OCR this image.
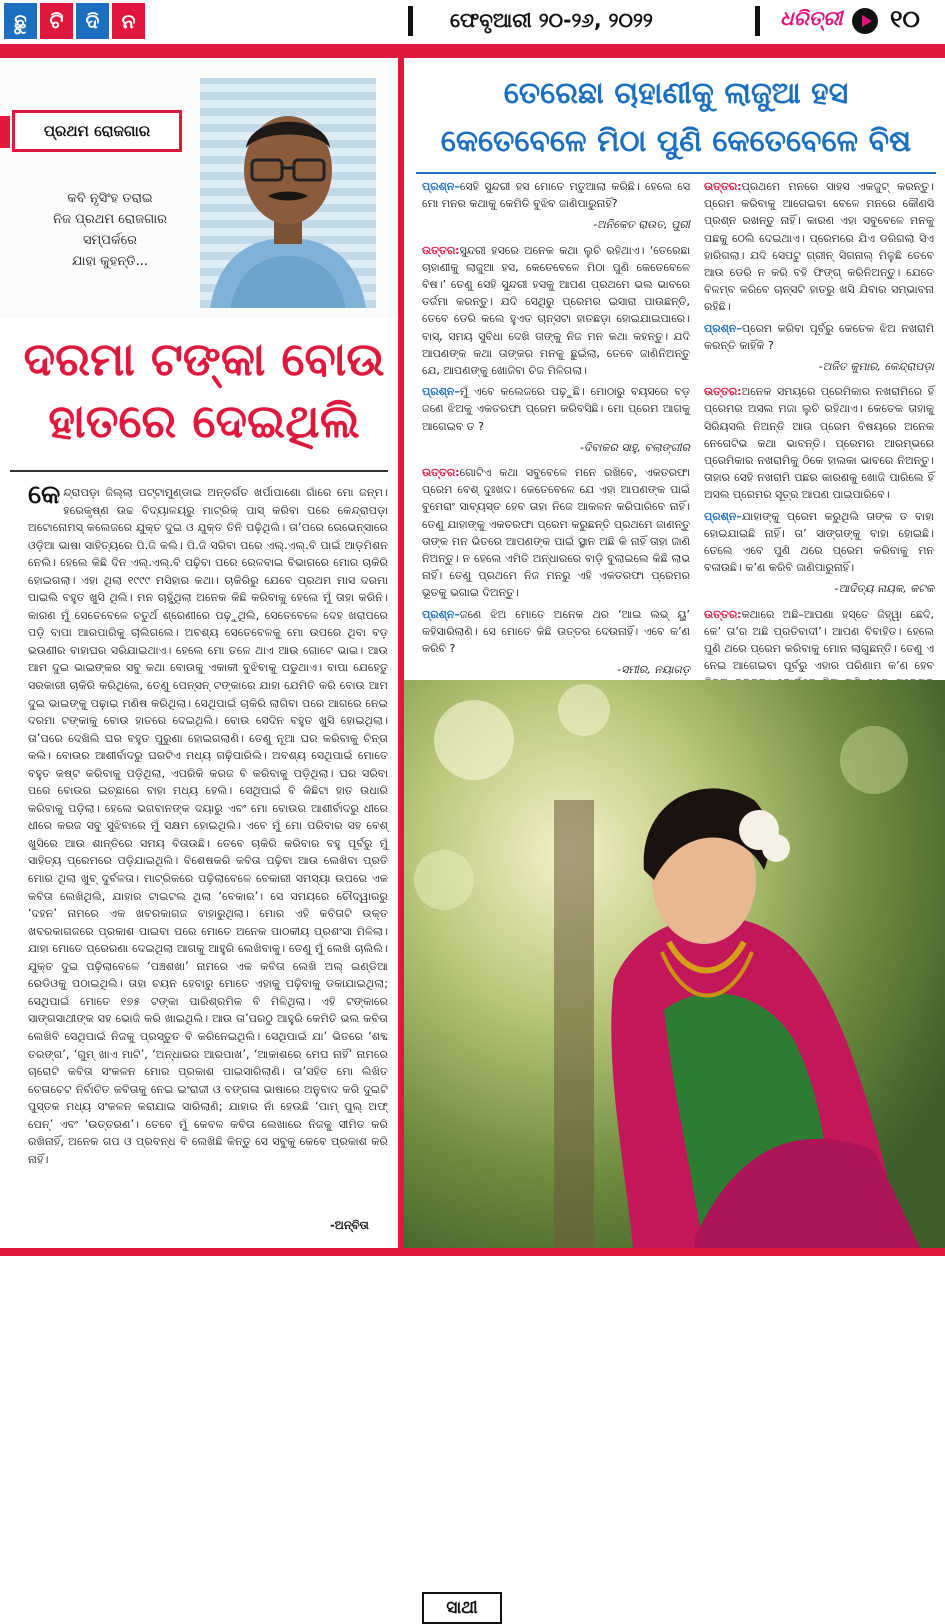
ଛୁ	ଟି	ଦି	ନ	ଫେବୃଆରୀ ୨୦-୨୬, ୨୦୨୨	ଧରିତ୍ରୀ ୧୦
ପ୍ରଥମ ରୋଜଗାର
କବି ନୃସିଂହ ତରାଇ
ନିଜ ପ୍ରଥମ ରୋଜଗାର
ସମ୍ପର୍କରେ
ଯାହା କୁହନ୍ତି...
ଦରମା ଟଙ୍କା ବୋଉ
ହାତରେ ଦେଇଥିଲି
କେନ୍ଦ୍ରାପଡ଼ା ଜିଲ୍ଲା ପଟ୍ଟାମୁଣ୍ଡାଇ ଅନ୍ତର୍ଗତ ଖର୍ପାପାଶୋ ଗାଁରେ ମୋ ଜନ୍ମ। ହରେକୃଷ୍ଣ ଉଚ୍ଚ ବିଦ୍ୟାଳୟରୁ ମାଟ୍ରିକ୍ ପାସ୍ କରିବା ପରେ କେନ୍ଦ୍ରାପଡ଼ା ଅଟୋନୋମସ୍ କଲେଜରେ ଯୁକ୍ତ ଦୁଇ ଓ ଯୁକ୍ତ ତିନି ପଢ଼ିଥିଲି। ତା’ପରେ ରେଭେନ୍ସାରେ ଓଡ଼ିଆ ଭାଷା ସାହିତ୍ୟରେ ପି.ଜି କଲି। ପି.ଜି ସରିବା ପରେ ଏଲ୍.ଏଲ୍.ବି ପାଇଁ ଆଡ଼ମିଶନ ନେଲି। ହେଲେ କିଛି ଦିନ ଏଲ୍.ଏଲ୍.ବି ପଢ଼ିବା ପରେ ରେଳବାଇ ବିଭାଗରେ ମୋର ଚାକିରି ହୋଇଗଲା। ଏହା ଥିଲା ୧୯୯୯ ମସିହାର କଥା। ଚାକିରିରୁ ଯେବେ ପ୍ରଥମ ମାସ ଦରମା ପାଇଲି ବହୁତ ଖୁସି ଥିଲି। ମନ ଚାହୁଁଥିଲା ଅନେକ କିଛି କରିବାକୁ ହେଲେ ମୁଁ ତାହା କରିନି। କାରଣ ମୁଁ ସେତେବେଳେ ଚତୁର୍ଥ ଶ୍ରେଣୀରେ ପଢ଼ୁଥିଲି, ସେତେବେଳେ ଦେହ ଖରାପରେ ପଡ଼ି ବାପା ଆରପାରିକୁ ଚାଲିଗଲେ। ଅବଶ୍ୟ ସେତେବେଳକୁ ମୋ ଉପରେ ଥିବା ବଡ଼ ଭଉଣୀର ବାହାଘର ସରିଯାଇଥାଏ। ହେଲେ ମୋ ତଳେ ଥାଏ ଆଉ ଗୋଟେ ଭାଇ। ଆଉ ଆମ ଦୁଇ ଭାଇଙ୍କର ସବୁ କଥା ବୋଉକୁ ଏକାକୀ ବୁଝିବାକୁ ପଡୁଥାଏ। ବାପା ଯେହେତୁ ସରକାରୀ ଚାକିରି କରିଥିଲେ, ତେଣୁ ପେନ୍‌ସନ୍ ଟଙ୍କାରେ ଯାହା ଯେମିତି କରି ବୋଉ ଆମ ଦୁଇ ଭାଇଙ୍କୁ ପଢ଼ାଇ ମଣିଷ କରିଥିଲା। ସେଥିପାଇଁ ଚାକିରି ଲାଗିବା ପରେ ଆଗରେ ନେଇ ଦରମା ଟଙ୍କାକୁ ବୋଉ ହାତରେ ଦେଇଥିଲି। ବୋଉ ସେଦିନ ବହୁତ ଖୁସି ହୋଇଥିଲା। ତା’ପରେ ଦେଖିଲି ଘର ବହୁତ ପୁରୁଣା ହୋଇଗଲାଣି। ତେଣୁ ନୂଆ ଘର କରିବାକୁ ଚିନ୍ତା କଲି। ବୋଉର ଆଶୀର୍ବାଦରୁ ଘରଟିଏ ମଧ୍ୟ ଗଢ଼ିପାରିଲି। ଅବଶ୍ୟ ସେଥିପାଇଁ ମୋତେ ବହୁତ କଷ୍ଟ କରିବାକୁ ପଡ଼ିଥିଲା, ଏପରିକି କରଜ ବି କରିବାକୁ ପଡ଼ିଥିଲା। ଘର ସରିବା ପରେ ବୋଉର ଇଚ୍ଛାରେ ବାହା ମଧ୍ୟ ହେଲି। ସେଥିପାଇଁ ବି କିଛିଟା ହାତ ଉଧାରି କରିବାକୁ ପଡ଼ିଲା। ହେଲେ ଭଗବାନଙ୍କ ଦୟାରୁ ଏବଂ ମୋ ବୋଉର ଆଶୀର୍ବାଦରୁ ଧୀରେ ଧୀରେ କରଜ ସବୁ ସୁଝିବାରେ ମୁଁ ସକ୍ଷମ ହୋଇଥିଲି। ଏବେ ମୁଁ ମୋ ପରିବାର ସହ ବେଶ୍ ଖୁସିରେ ଆଉ ଶାନ୍ତିରେ ସମୟ ବିତାଉଛି। ତେବେ ଚାକିରି କରିବାର ବହୁ ପୂର୍ବରୁ ମୁଁ ସାହିତ୍ୟ ପ୍ରେମରେ ପଡ଼ିଯାଇଥିଲି। ବିଶେଷକରି କବିତା ପଢ଼ିବା ଆଉ ଲେଖିବା ପ୍ରତି ମୋର ଥିଲା ଖୁବ୍ ଦୁର୍ବଳତା। ମାଟ୍ରିକରେ ପଢ଼ିଲାବେଳେ ବେକାରୀ ସମସ୍ୟା ଉପରେ ଏକ କବିତା ଲେଖିଥିଲି, ଯାହାର ଟାଇଟଲ ଥିଲା ‘ବେକାର’। ସେ ସମୟରେ ଚୌଦ୍ୱାରରୁ ‘ଦହନ’ ନାମରେ ଏକ ଖବରକାଗଜ ବାହାରୁଥିଲା। ମୋର ଏହି କବିତାଟି ଉକ୍ତ ଖବରକାଗଜରେ ପ୍ରକାଶ ପାଇବା ପରେ ମୋତେ ଅନେକ ପାଠକୀୟ ପ୍ରଶଂସା ମିଳିଲା। ଯାହା ମୋତେ ପ୍ରେରଣା ଦେଇଥିଲା ଆଗକୁ ଆହୁରି ଲେଖିବାକୁ। ତେଣୁ ମୁଁ ଲେଖି ଚାଲିଲି। ଯୁକ୍ତ ଦୁଇ ପଢ଼ିଲାବେଳେ ‘ପଞ୍ଚଶଖା’ ନାମରେ ଏକ କବିତା ଲେଖି ଅଲ୍ ଇଣ୍ଡିଆ ରେଡିଓକୁ ପଠାଇଥିଲି। ତାହା ଚୟନ ହେବାରୁ ମୋତେ ଏହାକୁ ପଢ଼ିବାକୁ ଡକାଯାଇଥିଲା; ସେଥିପାଇଁ ମୋତେ ୧୭୫ ଟଙ୍କା ପାରିଶ୍ରମିକ ବି ମିଳିଥିଲା। ଏହି ଟଙ୍କାରେ ସାଙ୍ଗସାଥୀଙ୍କ ସହ ଭୋଜି କରି ଖାଇଥିଲି। ଆଉ ତା’ପରଠୁ ଆହୁରି କେମିତି ଭଲ କବିତା ଲେଖିବି ସେଥିପାଇଁ ନିଜକୁ ପ୍ରସ୍ତୁତ ବି କରିନେଇଥିଲି। ସେଥିପାଇଁ ଯା’ ଭିତରେ ‘ଶବ୍ଦ ତରଙ୍ଗ’, ‘ଗୁମ୍ ଖାଏ ମାଟି’, ‘ଅନ୍ଧାରର ଆରପାଖ’, ‘ଆକାଶରେ ମେଘ ନାହିଁ’ ନାମରେ ଚାରୋଟି କବିତା ସଂକଳନ ମୋର ପ୍ରକାଶ ପାଇସାରିଲାଣି। ତା’ସହିତ ମୋ ଲିଖିତ ଚେତାଚେଟ ନିର୍ବାଚିତ କବିତାକୁ ନେଇ ଇଂରାଜୀ ଓ ବଙ୍ଗଳା ଭାଷାରେ ଅନୁବାଦ କରି ଦୁଇଟି ପୁସ୍ତକ ମଧ୍ୟ ସଂକଳନ କରାଯାଇ ସାରିଲାଣି; ଯାହାର ନାଁ ହେଉଛି ‘ପାମ୍ ପୁଲ୍ ଅଫ୍ ପେନ୍’ ଏବଂ ‘ଉତ୍ତରଣ’। ତେବେ ମୁଁ କେବଳ କବିତା ଲେଖାରେ ନିଜକୁ ସୀମିତ କରି ରଖିନାହିଁ, ଅନେକ ଗପ ଓ ପ୍ରବନ୍ଧ ବି ଲେଖିଛି କିନ୍ତୁ ସେ ସବୁକୁ କେବେ ପ୍ରକାଶ କରି ନାହିଁ।
-ଅନ୍ବିତା
ତେରେଛା ଚାହାଣୀକୁ ଲାଜୁଆ ହସ
କେତେବେଳେ ମିଠା ପୁଣି କେତେବେଳେ ବିଷ
ପ୍ରଶ୍ନ–ସେହି ସୁନ୍ଦରୀ ହସ ମୋତେ ମତୁଆଲା କରିଛି। ହେଲେ ସେ ମୋ ମନର କଥାକୁ କେମିତି ବୁଝିବ ଜାଣିପାରୁନାହିଁ?
-ଅନିକେତ ରାଉତ, ପୁରୀ
ଉତ୍ତର:ସୁନ୍ଦରୀ ହସରେ ଅନେକ କଥା ଲୁଚି ରହିଥାଏ। ‘ତେରେଛା ଚାହାଣୀକୁ ଲାଜୁଆ ହସ, କେତେବେଳେ ମିଠା ପୁଣି କେତେବେଳେ ବିଷ।’ ତେଣୁ ସେହି ସୁନ୍ଦରୀ ହସକୁ ଆପଣ ପ୍ରଥମେ ଭଲ ଭାବରେ ତର୍ଜମା କରନ୍ତୁ। ଯଦି ସେଥିରୁ ପ୍ରେମର ଇସାରା ପାଉଛନ୍ତି, ତେବେ ଡେରି କଲେ ହୁଏତ ଚାନ୍ସଟା ହାତଛଡ଼ା ହୋଇଯାଇପାରେ। ବାସ୍, ସମୟ ସୁବିଧା ଦେଖି ତାଙ୍କୁ ନିଜ ମନ କଥା କହନ୍ତୁ। ଯଦି ଆପଣଙ୍କ କଥା ତାଙ୍କର ମନକୁ ଛୁଇଁଲା, ତେବେ ଜାଣିନିଅନ୍ତୁ ଯେ, ଆପଣଙ୍କୁ ଖୋଜିବା ଚିଜ ମିଳିଗଲା।
ପ୍ରଶ୍ନ–ମୁଁ ଏବେ କଲେଜରେ ପଢ଼ୁଛି। ମୋଠାରୁ ବୟସରେ ବଡ଼ ଜଣେ ଝିଅକୁ ଏକତରଫା ପ୍ରେମ କରିବସିଛି। ମୋ ପ୍ରେମ ଆଗକୁ ଆଗେଇବ ତ ?
-ଦିବାକର ସାହୁ, ବଲାଙ୍ଗୀର
ଉତ୍ତର:ଗୋଟିଏ କଥା ସବୁବେଳେ ମନେ ରଖିବେ, ଏକତରଫା ପ୍ରେମ ବେଶ୍ ଦୁଃଖଦ। କେତେବେଳେ ଯେ ଏହା ଆପଣଙ୍କ ପାଇଁ ବୁମେରାଂ ସାବ୍ୟସ୍ତ ହେବ ତାହା ନିଜେ ଆକଳନ କରିପାରିବେ ନାହିଁ। ତେଣୁ ଯାହାଙ୍କୁ ଏକତରଫା ପ୍ରେମ କରୁଛନ୍ତି ପ୍ରଥମେ ଜାଣନ୍ତୁ ତାଙ୍କ ମନ ଭିତରେ ଆପଣଙ୍କ ପାଇଁ ସ୍ଥାନ ଅଛି କି ନାହିଁ ତାହା ଜାଣି ନିଅନ୍ତୁ। ନ ହେଲେ ଏମିତି ଅନ୍ଧାରରେ ବାଡ଼ି ବୁଲାଇଲେ କିଛି ଲାଭ ନାହିଁ। ତେଣୁ ପ୍ରଥମେ ନିଜ ମନରୁ ଏହି ଏକତରଫା ପ୍ରେମର ଭୂତକୁ ଭଗାଇ ଦିଅନ୍ତୁ।
ପ୍ରଶ୍ନ–ଜଣେ ଝିଅ ମୋତେ ଅନେକ ଥର ‘ଆଇ ଲଭ୍ ୟୁ’ କହିସାରିଲାଣି। ସେ ମୋତେ କିଛି ଉତ୍ତର ଦେଉନାହିଁ। ଏବେ କ’ଣ କରିବି ?
-ସମୀର, ନୟାଗଡ଼
ଉତ୍ତର:ପ୍ରଥମେ ମନରେ ସାହସ ଏକଜୁଟ୍ କରନ୍ତୁ। ପ୍ରେମ କରିବାକୁ ଆଗେଇବା ବେଳେ ମନରେ କୌଣସି ପ୍ରଶ୍ନ ରଖନ୍ତୁ ନାହିଁ। କାରଣ ଏହା ସବୁବେଳେ ମନକୁ ପଛକୁ ଠେଲି ଦେଇଥାଏ। ପ୍ରେମରେ ଯିଏ ଡରିଗଲା ସିଏ ହାରିଗଲା। ଯଦି ସେପଟୁ ଗ୍ରୀନ୍ ସିଗନାଲ୍ ମିଳୁଛି ତେବେ ଆଉ ଡେରି ନ କରି ବହି ଫିଙ୍ଗ୍ କରିନିଅନ୍ତୁ। ଯେତେ ବିଳମ୍ବ କରିବେ ଚାନ୍ସଟି ହାତରୁ ଖସି ଯିବାର ସମ୍ଭାବନା ରହିଛି।
ପ୍ରଶ୍ନ–ପ୍ରେମ କରିବା ପୂର୍ବରୁ କେତେକ ଝିଅ ନଖରାମି କରନ୍ତି କାହିଁକି ?
-ଅଜିତ କୁମାର, କେନ୍ଦ୍ରାପଡ଼ା
ଉତ୍ତର:ଅନେକ ସମୟରେ ପ୍ରେମିକାର ନଖରାମିରେ ହିଁ ପ୍ରେମର ଅସଲ ମଜା ଲୁଚି ରହିଥାଏ। କେତେକ ତାହାକୁ ସିରିୟସଲି ନିଅନ୍ତି ଆଉ ପ୍ରେମ ବିଷୟରେ ଅନେକ ନେଗେଟିଭ କଥା ଭାବନ୍ତି। ପ୍ରେମର ଆରମ୍ଭରେ ପ୍ରେମିକାର ନଖରାମିକୁ ଠିକେ ହାଲକା ଭାବରେ ନିଅନ୍ତୁ। ତାହାର ସେହି ନଖରାମି ପଛର କାରଣକୁ ଖୋଜି ପାରିଲେ ହିଁ ଅସଲ ପ୍ରେମର ସୂତ୍ର ଆପଣ ପାଇପାରିବେ।
ପ୍ରଶ୍ନ–ଯାହାଙ୍କୁ ପ୍ରେମ କରୁଥିଲି ତାଙ୍କ ତ ବାହା ହୋଇଯାଇଛି ନାହିଁ। ତା’ ସାଙ୍ଗଙ୍କୁ ବାହା ହୋଇଛି। ତେଲେ ଏବେ ପୁଣି ଥରେ ପ୍ରେମ କରିବାକୁ ମନ ବଳାଉଛି। କ’ଣ କରିବି ଜାଣିପାରୁନାହିଁ।
-ଆଦିତ୍ୟ ନାୟକ, କଟକ
ଉତ୍ତର:କଥାରେ ଅଛି–ଆପଣା ହସ୍ତେ ଜିହ୍ୱା ଛେଦି, କେ’ ତା’ର ଅଛି ପ୍ରତିବାଦୀ’। ଆପଣ ବିବାହିତ। ହେଲେ ପୁଣି ଥରେ ପ୍ରେମ କରିବାକୁ ମୋନ ଲାଗୁଛନ୍ତି। ତେଣୁ ଏ ନେଇ ଆଗେଇବା ପୂର୍ବରୁ ଏହାର ପରିଣାମ କ’ଣ ହେବ
ସାଥୀ
